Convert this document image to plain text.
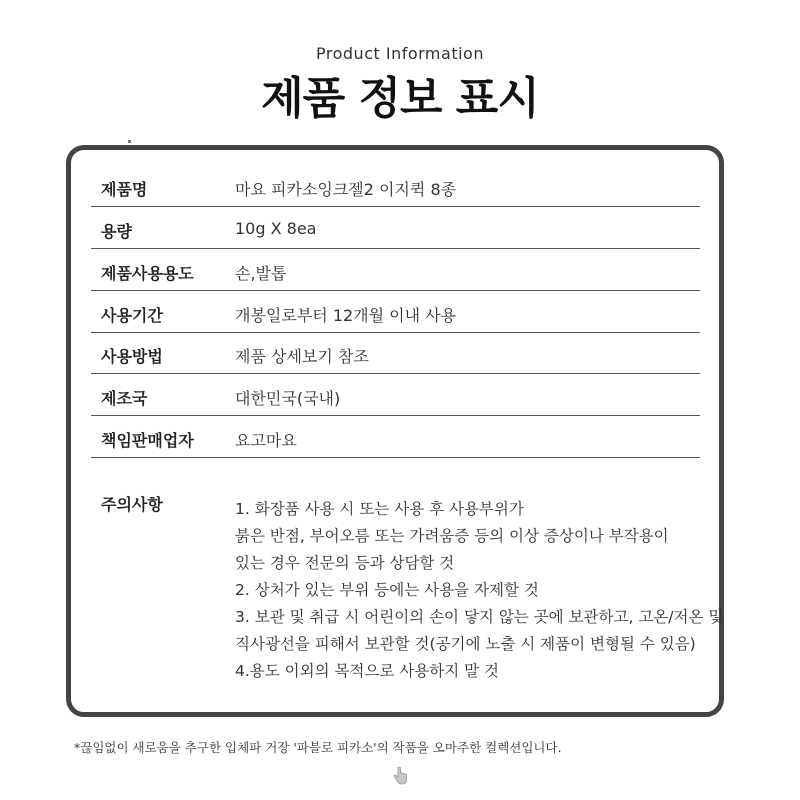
Product Information
제품 정보 표시
제품명	마요 피카소잉크젤2 이지퀵 8종
용량	10g X 8ea
제품사용용도	손,발톱
사용기간	개봉일로부터 12개월 이내 사용
사용방법	제품 상세보기 참조
제조국	대한민국(국내)
책임판매업자	요고마요
주의사항	1. 화장품 사용 시 또는 사용 후 사용부위가
붉은 반점, 부어오름 또는 가려움증 등의 이상 증상이나 부작용이
있는 경우 전문의 등과 상담할 것
2. 상처가 있는 부위 등에는 사용을 자제할 것
3. 보관 및 취급 시 어린이의 손이 닿지 않는 곳에 보관하고, 고온/저온 및
직사광선을 피해서 보관할 것(공기에 노출 시 제품이 변형될 수 있음)
4.용도 이외의 목적으로 사용하지 말 것
*끊임없이 새로움을 추구한 입체파 거장 '파블로 피카소'의 작품을 오마주한 컬렉션입니다.
